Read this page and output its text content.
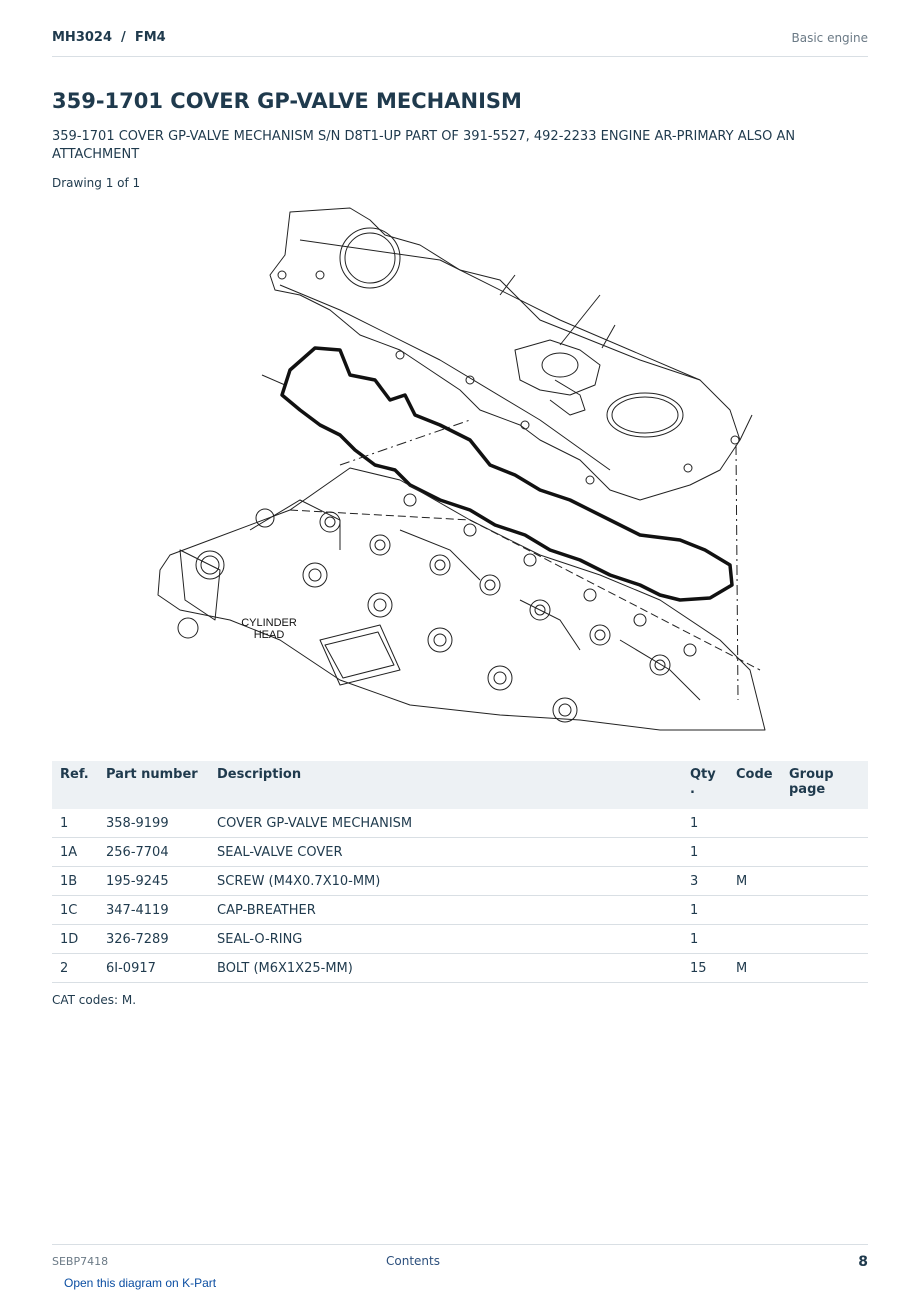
MH3024  /  FM4	Basic engine
359-1701 COVER GP-VALVE MECHANISM
359-1701 COVER GP-VALVE MECHANISM S/N D8T1-UP PART OF 391-5527, 492-2233 ENGINE AR-PRIMARY ALSO AN ATTACHMENT
Drawing 1 of 1
CYLINDER
HEAD
Ref.	Part number	Description	Qty .	Code	Group page
1	358-9199	COVER GP-VALVE MECHANISM	1		
1A	256-7704	SEAL-VALVE COVER	1		
1B	195-9245	SCREW (M4X0.7X10-MM)	3	M	
1C	347-4119	CAP-BREATHER	1		
1D	326-7289	SEAL-O-RING	1		
2	6I-0917	BOLT (M6X1X25-MM)	15	M	
CAT codes: M.
SEBP7418	Contents	8
Open this diagram on K-Part
